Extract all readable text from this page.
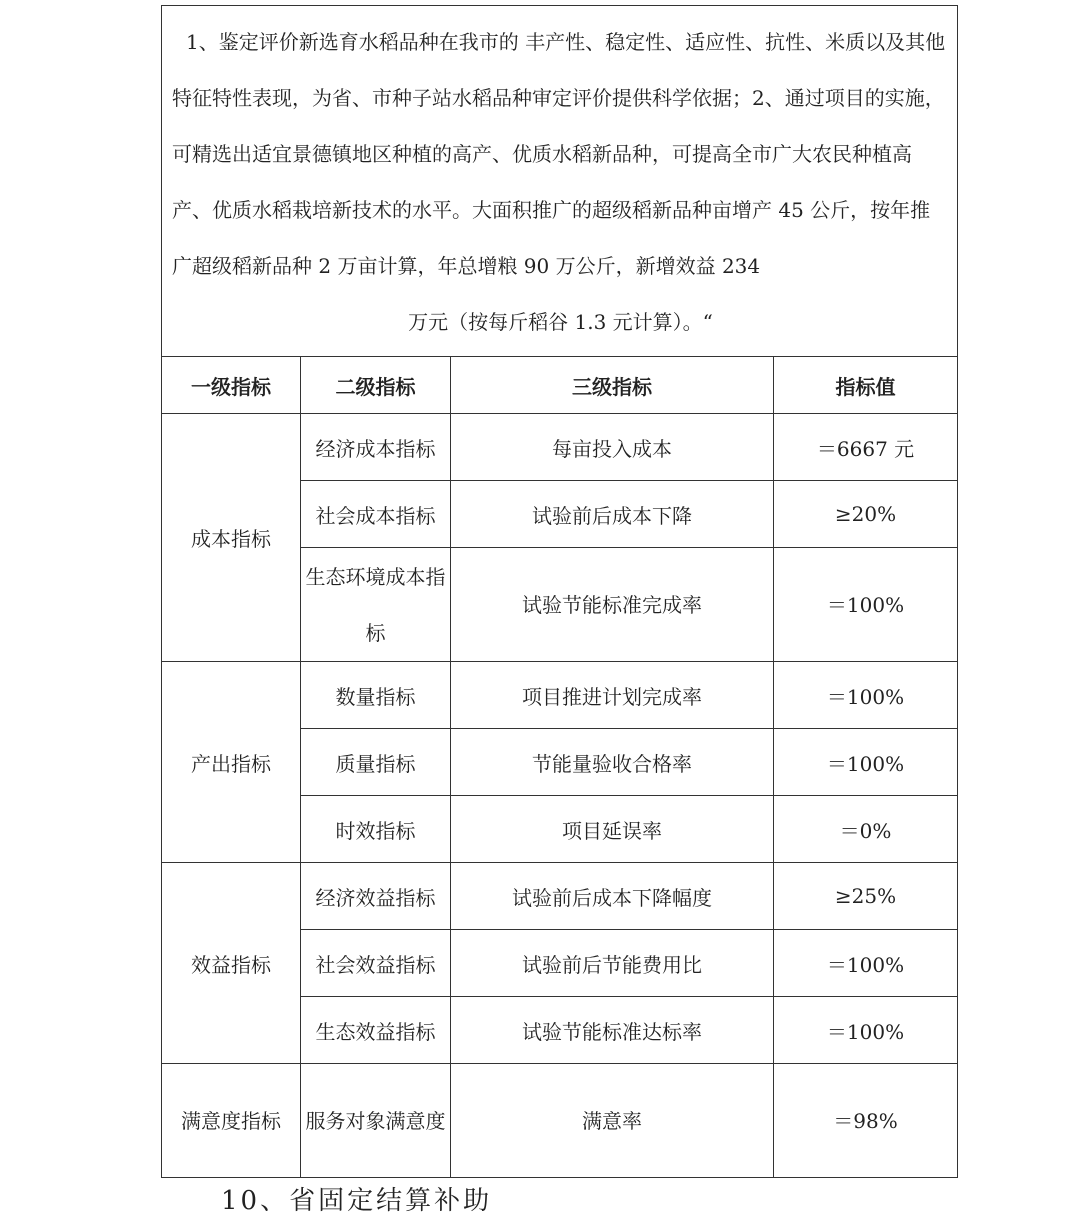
1、鉴定评价新选育水稻品种在我市的 丰产性、稳定性、适应性、抗性、米质以及其他特征特性表现，为省、市种子站水稻品种审定评价提供科学依据；2、通过项目的实施，可精选出适宜景德镇地区种植的高产、优质水稻新品种，可提高全市广大农民种植高产、优质水稻栽培新技术的水平。大面积推广的超级稻新品种亩增产 45 公斤，按年推广超级稻新品种 2 万亩计算，年总增粮 90 万公斤，新增效益 234
万元（按每斤稻谷 1.3 元计算）。“			

一级指标	二级指标	三级指标	指标值
成本指标	经济成本指标	每亩投入成本	＝6667 元
	社会成本指标	试验前后成本下降	≥20%
	生态环境成本指标	试验节能标准完成率	＝100%
产出指标	数量指标	项目推进计划完成率	＝100%
	质量指标	节能量验收合格率	＝100%
	时效指标	项目延误率	＝0%
效益指标	经济效益指标	试验前后成本下降幅度	≥25%
	社会效益指标	试验前后节能费用比	＝100%
	生态效益指标	试验节能标准达标率	＝100%
满意度指标	服务对象满意度	满意率	＝98%
10、省固定结算补助
